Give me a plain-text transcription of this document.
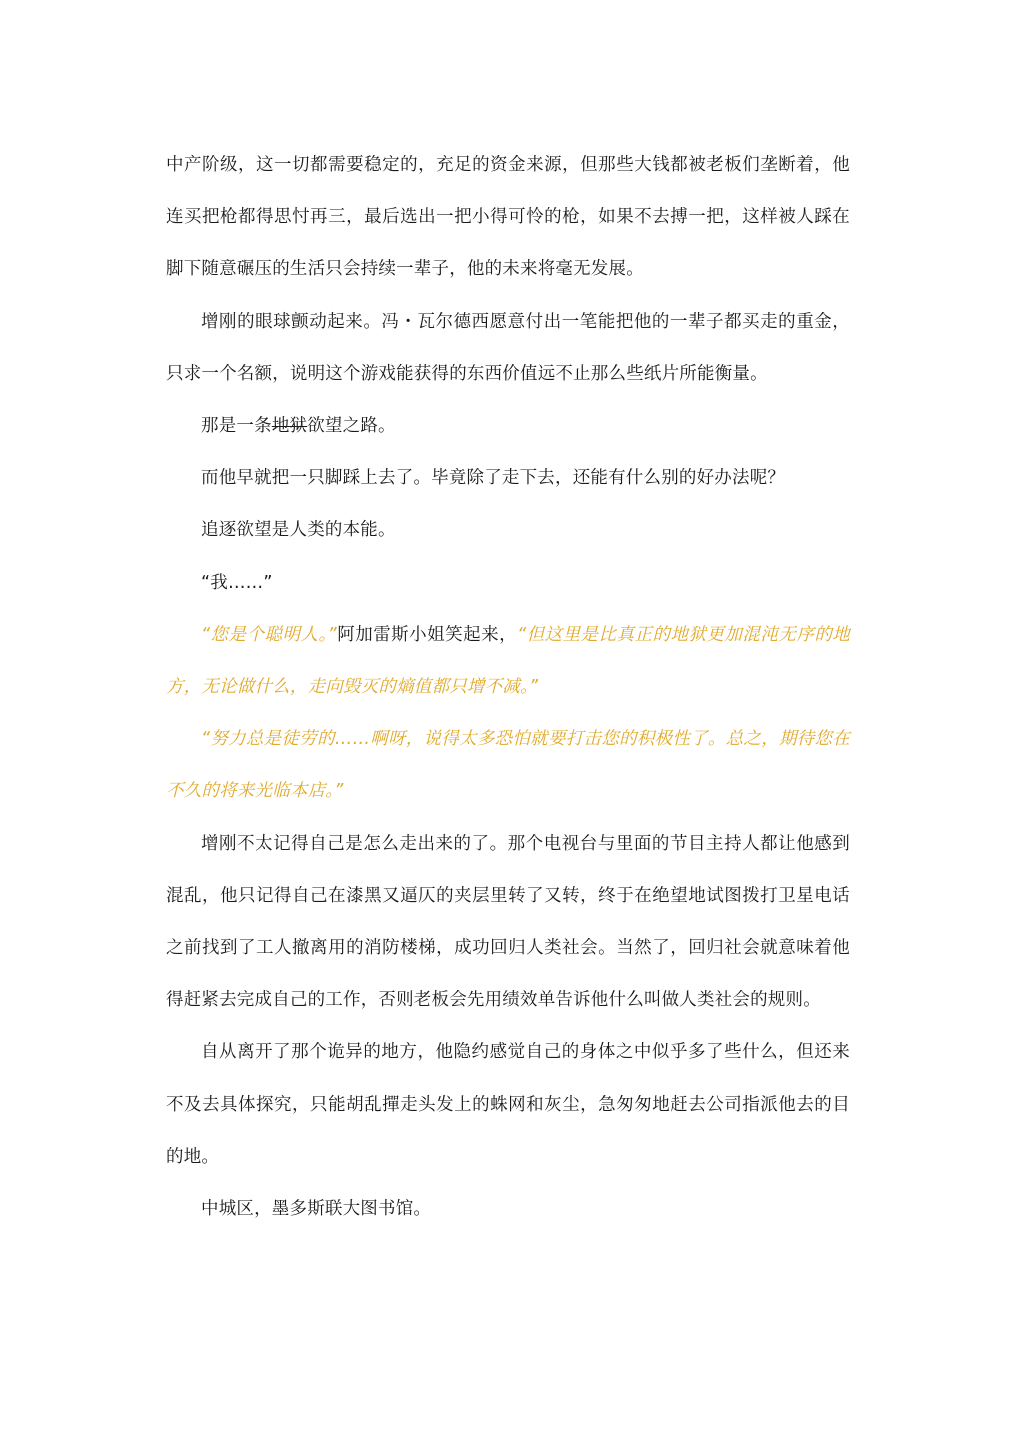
中产阶级，这一切都需要稳定的，充足的资金来源，但那些大钱都被老板们垄断着，他连买把枪都得思忖再三，最后选出一把小得可怜的枪，如果不去搏一把，这样被人踩在脚下随意碾压的生活只会持续一辈子，他的未来将毫无发展。

增刚的眼球颤动起来。冯・瓦尔德西愿意付出一笔能把他的一辈子都买走的重金，只求一个名额，说明这个游戏能获得的东西价值远不止那么些纸片所能衡量。

那是一条地狱欲望之路。

而他早就把一只脚踩上去了。毕竟除了走下去，还能有什么别的好办法呢？

追逐欲望是人类的本能。

“我……”

“您是个聪明人。”阿加雷斯小姐笑起来，“但这里是比真正的地狱更加混沌无序的地方，无论做什么，走向毁灭的熵值都只增不减。”

“努力总是徒劳的……啊呀，说得太多恐怕就要打击您的积极性了。总之，期待您在不久的将来光临本店。”

增刚不太记得自己是怎么走出来的了。那个电视台与里面的节目主持人都让他感到混乱，他只记得自己在漆黑又逼仄的夹层里转了又转，终于在绝望地试图拨打卫星电话之前找到了工人撤离用的消防楼梯，成功回归人类社会。当然了，回归社会就意味着他得赶紧去完成自己的工作，否则老板会先用绩效单告诉他什么叫做人类社会的规则。

自从离开了那个诡异的地方，他隐约感觉自己的身体之中似乎多了些什么，但还来不及去具体探究，只能胡乱撣走头发上的蛛网和灰尘，急匆匆地赶去公司指派他去的目的地。

中城区，墨多斯联大图书馆。
